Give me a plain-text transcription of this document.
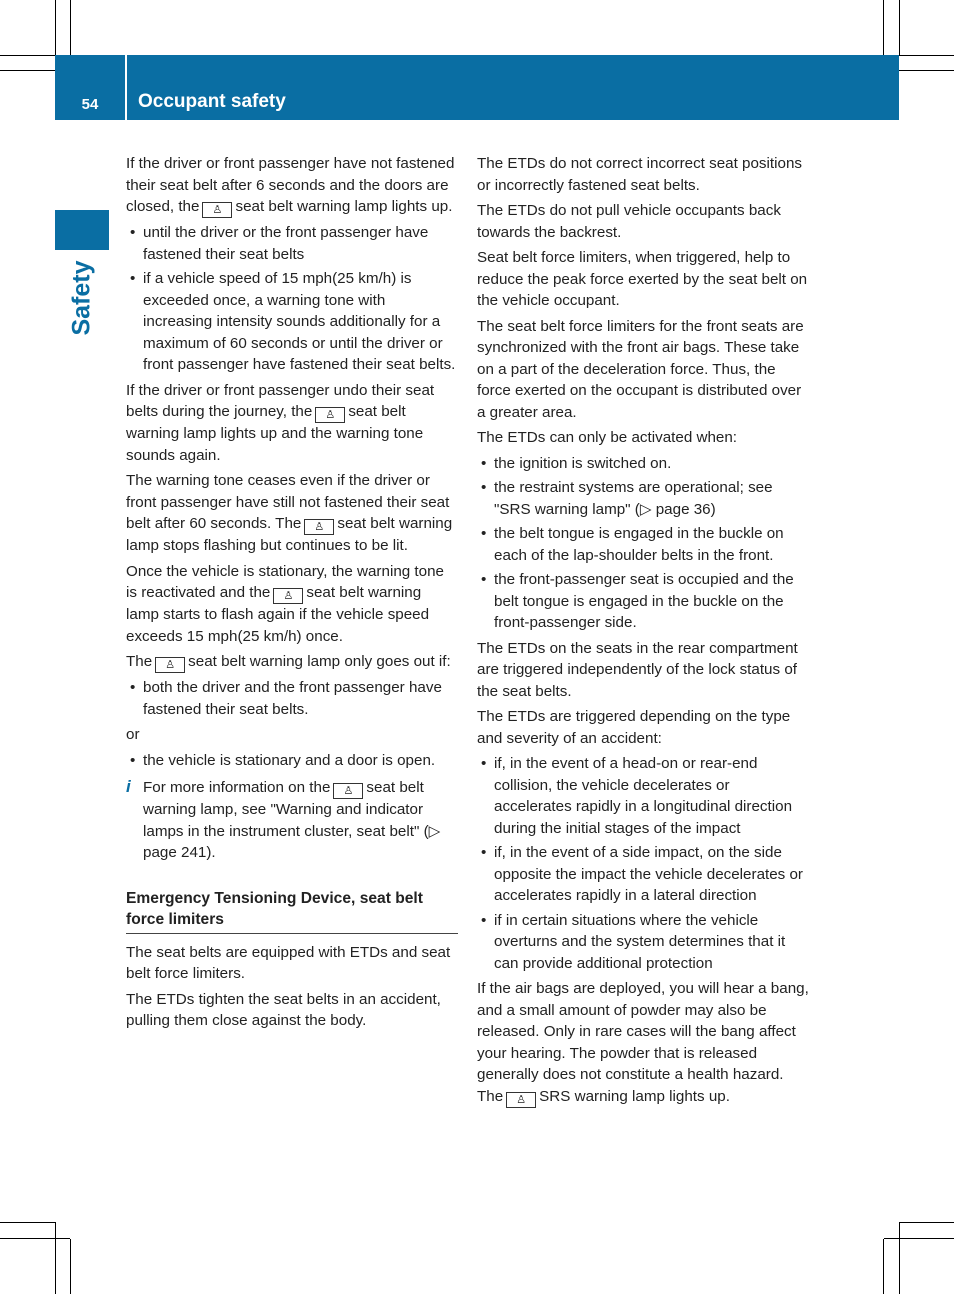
54	Occupant safety
Safety

If the driver or front passenger have not fastened their seat belt after 6 seconds and the doors are closed, the ♙ seat belt warning lamp lights up.

• until the driver or the front passenger have fastened their seat belts
• if a vehicle speed of 15 mph(25 km/h) is exceeded once, a warning tone with increasing intensity sounds additionally for a maximum of 60 seconds or until the driver or front passenger have fastened their seat belts.

If the driver or front passenger undo their seat belts during the journey, the ♙ seat belt warning lamp lights up and the warning tone sounds again.

The warning tone ceases even if the driver or front passenger have still not fastened their seat belt after 60 seconds. The ♙ seat belt warning lamp stops flashing but continues to be lit.

Once the vehicle is stationary, the warning tone is reactivated and the ♙ seat belt warning lamp starts to flash again if the vehicle speed exceeds 15 mph(25 km/h) once.

The ♙ seat belt warning lamp only goes out if:

• both the driver and the front passenger have fastened their seat belts.

or

• the vehicle is stationary and a door is open.
i For more information on the ♙ seat belt warning lamp, see "Warning and indicator lamps in the instrument cluster, seat belt" (▷ page 241).
Emergency Tensioning Device, seat belt force limiters

The seat belts are equipped with ETDs and seat belt force limiters.

The ETDs tighten the seat belts in an accident, pulling them close against the body.

The ETDs do not correct incorrect seat positions or incorrectly fastened seat belts.

The ETDs do not pull vehicle occupants back towards the backrest.

Seat belt force limiters, when triggered, help to reduce the peak force exerted by the seat belt on the vehicle occupant.

The seat belt force limiters for the front seats are synchronized with the front air bags. These take on a part of the deceleration force. Thus, the force exerted on the occupant is distributed over a greater area.

The ETDs can only be activated when:

• the ignition is switched on.
• the restraint systems are operational; see "SRS warning lamp" (▷ page 36)
• the belt tongue is engaged in the buckle on each of the lap-shoulder belts in the front.
• the front-passenger seat is occupied and the belt tongue is engaged in the buckle on the front-passenger side.

The ETDs on the seats in the rear compartment are triggered independently of the lock status of the seat belts.

The ETDs are triggered depending on the type and severity of an accident:

• if, in the event of a head-on or rear-end collision, the vehicle decelerates or accelerates rapidly in a longitudinal direction during the initial stages of the impact
• if, in the event of a side impact, on the side opposite the impact the vehicle decelerates or accelerates rapidly in a lateral direction
• if in certain situations where the vehicle overturns and the system determines that it can provide additional protection

If the air bags are deployed, you will hear a bang, and a small amount of powder may also be released. Only in rare cases will the bang affect your hearing. The powder that is released generally does not constitute a health hazard. The ♙ SRS warning lamp lights up.
